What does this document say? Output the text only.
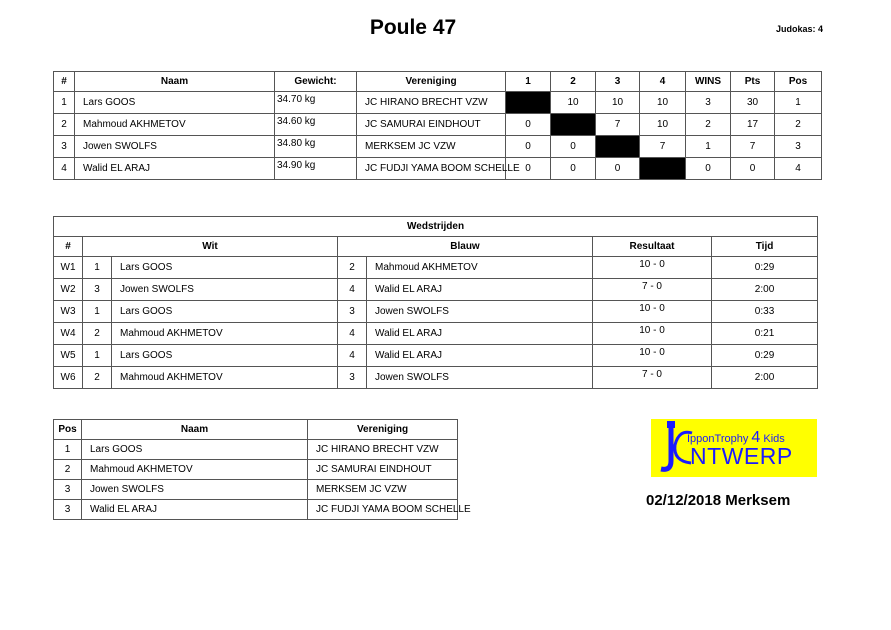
Poule 47	Judokas: 4
#	Naam	Gewicht:	Vereniging	1	2	3	4	WINS	Pts	Pos
1	Lars GOOS	34.70 kg	JC HIRANO BRECHT VZW		10	10	10	3	30	1
2	Mahmoud AKHMETOV	34.60 kg	JC SAMURAI EINDHOUT	0		7	10	2	17	2
3	Jowen SWOLFS	34.80 kg	MERKSEM JC VZW	0	0		7	1	7	3
4	Walid EL ARAJ	34.90 kg	JC FUDJI YAMA BOOM SCHELLE	0	0	0		0	0	4
Wedstrijden						
#	Wit		Blauw		Resultaat	Tijd
W1	1	Lars GOOS	2	Mahmoud AKHMETOV	10 - 0	0:29
W2	3	Jowen SWOLFS	4	Walid EL ARAJ	7 - 0	2:00
W3	1	Lars GOOS	3	Jowen SWOLFS	10 - 0	0:33
W4	2	Mahmoud AKHMETOV	4	Walid EL ARAJ	10 - 0	0:21
W5	1	Lars GOOS	4	Walid EL ARAJ	10 - 0	0:29
W6	2	Mahmoud AKHMETOV	3	Jowen SWOLFS	7 - 0	2:00
Pos	Naam	Vereniging
1	Lars GOOS	JC HIRANO BRECHT VZW
2	Mahmoud AKHMETOV	JC SAMURAI EINDHOUT
3	Jowen SWOLFS	MERKSEM JC VZW
3	Walid EL ARAJ	JC FUDJI YAMA BOOM SCHELLE
IpponTrophy 4 Kids
NTWERP
02/12/2018 Merksem
